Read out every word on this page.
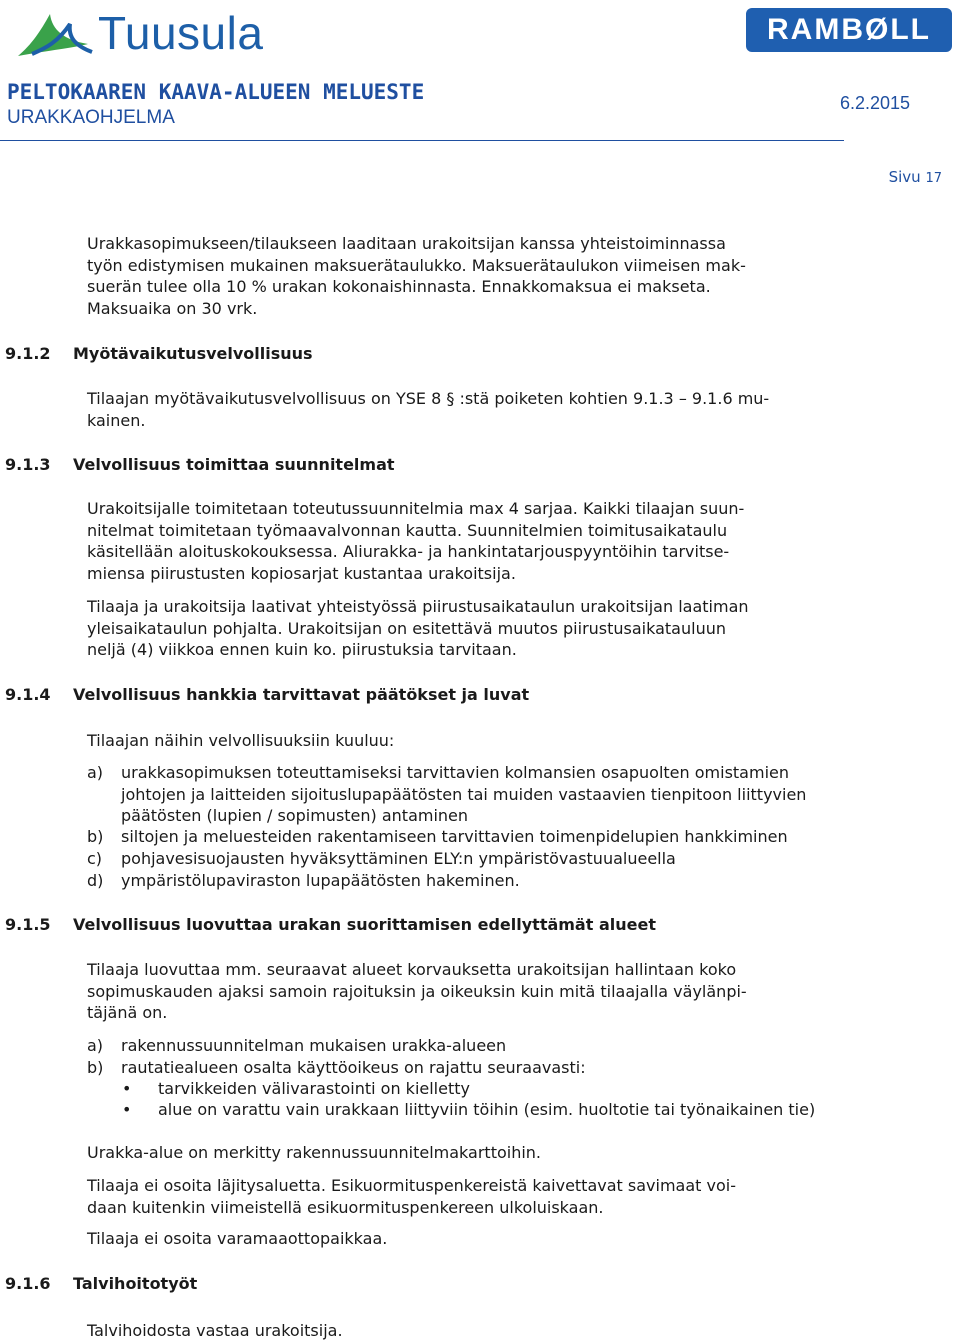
Tuusula	RAMBØLL
PELTOKAAREN KAAVA-ALUEEN MELUESTE
URAKKAOHJELMA
6.2.2015
Sivu 17
Urakkasopimukseen/tilaukseen laaditaan urakoitsijan kanssa yhteistoiminnassa
työn edistymisen mukainen maksuerätaulukko. Maksuerätaulukon viimeisen mak-
suerän tulee olla 10 % urakan kokonaishinnasta. Ennakkomaksua ei makseta.
Maksuaika on 30 vrk.
9.1.2 Myötävaikutusvelvollisuus
Tilaajan myötävaikutusvelvollisuus on YSE 8 § :stä poiketen kohtien 9.1.3 – 9.1.6 mu-
kainen.
9.1.3 Velvollisuus toimittaa suunnitelmat
Urakoitsijalle toimitetaan toteutussuunnitelmia max 4 sarjaa. Kaikki tilaajan suun-
nitelmat toimitetaan työmaavalvonnan kautta. Suunnitelmien toimitusaikataulu
käsitellään aloituskokouksessa. Aliurakka- ja hankintatarjouspyyntöihin tarvitse-
miensa piirustusten kopiosarjat kustantaa urakoitsija.
Tilaaja ja urakoitsija laativat yhteistyössä piirustusaikataulun urakoitsijan laatiman
yleisaikataulun pohjalta. Urakoitsijan on esitettävä muutos piirustusaikatauluun
neljä (4) viikkoa ennen kuin ko. piirustuksia tarvitaan.
9.1.4 Velvollisuus hankkia tarvittavat päätökset ja luvat
Tilaajan näihin velvollisuuksiin kuuluu:
a) urakkasopimuksen toteuttamiseksi tarvittavien kolmansien osapuolten omistamien
johtojen ja laitteiden sijoituslupapäätösten tai muiden vastaavien tienpitoon liittyvien
päätösten (lupien / sopimusten) antaminen
b) siltojen ja meluesteiden rakentamiseen tarvittavien toimenpidelupien hankkiminen
c) pohjavesisuojausten hyväksyttäminen ELY:n ympäristövastuualueella
d) ympäristölupaviraston lupapäätösten hakeminen.
9.1.5 Velvollisuus luovuttaa urakan suorittamisen edellyttämät alueet
Tilaaja luovuttaa mm. seuraavat alueet korvauksetta urakoitsijan hallintaan koko
sopimuskauden ajaksi samoin rajoituksin ja oikeuksin kuin mitä tilaajalla väylänpi-
täjänä on.
a) rakennussuunnitelman mukaisen urakka-alueen
b) rautatiealueen osalta käyttöoikeus on rajattu seuraavasti:
• tarvikkeiden välivarastointi on kielletty
• alue on varattu vain urakkaan liittyviin töihin (esim. huoltotie tai työnaikainen tie)
Urakka-alue on merkitty rakennussuunnitelmakarttoihin.
Tilaaja ei osoita läjitysaluetta. Esikuormituspenkereistä kaivettavat savimaat voi-
daan kuitenkin viimeistellä esikuormituspenkereen ulkoluiskaan.
Tilaaja ei osoita varamaaottopaikkaa.
9.1.6 Talvihoitotyöt
Talvihoidosta vastaa urakoitsija.
